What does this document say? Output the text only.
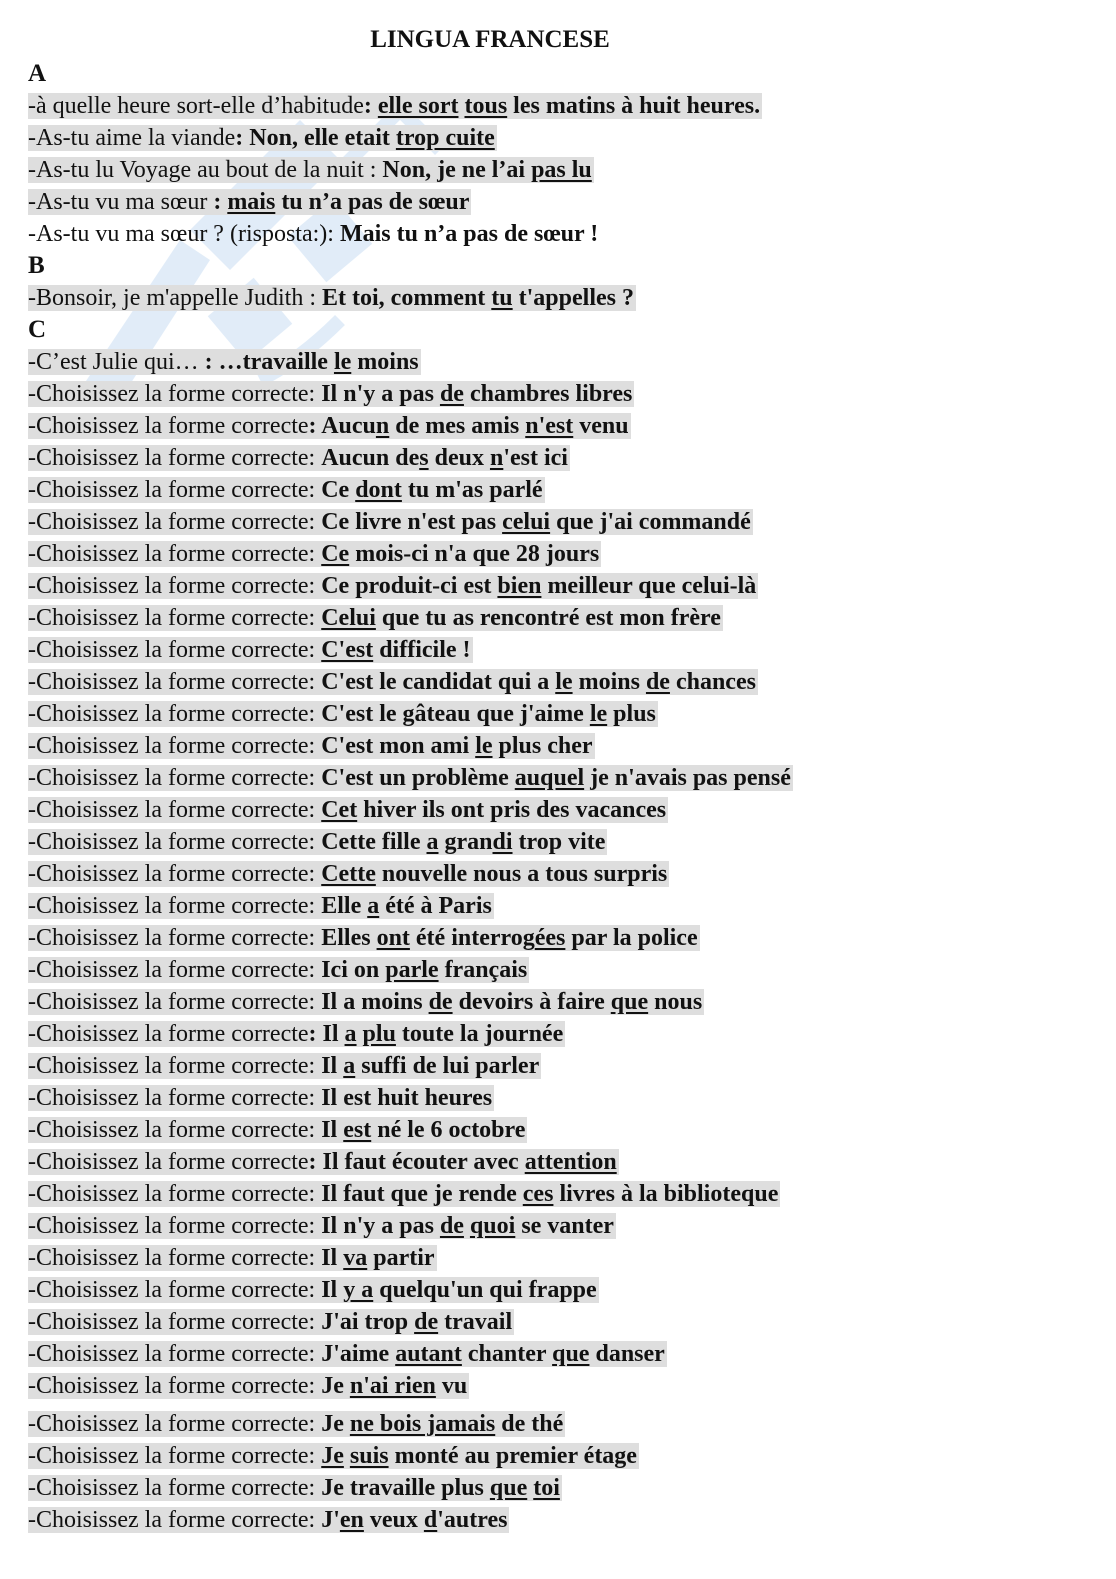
LINGUA FRANCESE
A
-à quelle heure sort-elle d’habitude: elle sort tous les matins à huit heures.
-As-tu aime la viande: Non, elle etait trop cuite
-As-tu lu Voyage au bout de la nuit : Non, je ne l’ai pas lu
-As-tu vu ma sœur : mais tu n’a pas de sœur
-As-tu vu ma sœur ? (risposta:): Mais tu n’a pas de sœur !
B
-Bonsoir, je m'appelle Judith : Et toi, comment tu t'appelles ?
C
-C’est Julie qui… : …travaille le moins
-Choisissez la forme correcte: Il n'y a pas de chambres libres
-Choisissez la forme correcte: Aucun de mes amis n'est venu
-Choisissez la forme correcte: Aucun des deux n'est ici
-Choisissez la forme correcte: Ce dont tu m'as parlé
-Choisissez la forme correcte: Ce livre n'est pas celui que j'ai commandé
-Choisissez la forme correcte: Ce mois-ci n'a que 28 jours
-Choisissez la forme correcte: Ce produit-ci est bien meilleur que celui-là
-Choisissez la forme correcte: Celui que tu as rencontré est mon frère
-Choisissez la forme correcte: C'est difficile !
-Choisissez la forme correcte: C'est le candidat qui a le moins de chances
-Choisissez la forme correcte: C'est le gâteau que j'aime le plus
-Choisissez la forme correcte: C'est mon ami le plus cher
-Choisissez la forme correcte: C'est un problème auquel je n'avais pas pensé
-Choisissez la forme correcte: Cet hiver ils ont pris des vacances
-Choisissez la forme correcte: Cette fille a grandi trop vite
-Choisissez la forme correcte: Cette nouvelle nous a tous surpris
-Choisissez la forme correcte: Elle a été à Paris
-Choisissez la forme correcte: Elles ont été interrogées par la police
-Choisissez la forme correcte: Ici on parle français
-Choisissez la forme correcte: Il a moins de devoirs à faire que nous
-Choisissez la forme correcte: Il a plu toute la journée
-Choisissez la forme correcte: Il a suffi de lui parler
-Choisissez la forme correcte: Il est huit heures
-Choisissez la forme correcte: Il est né le 6 octobre
-Choisissez la forme correcte: Il faut écouter avec attention
-Choisissez la forme correcte: Il faut que je rende ces livres à la biblioteque
-Choisissez la forme correcte: Il n'y a pas de quoi se vanter
-Choisissez la forme correcte: Il va partir
-Choisissez la forme correcte: Il y a quelqu'un qui frappe
-Choisissez la forme correcte: J'ai trop de travail
-Choisissez la forme correcte: J'aime autant chanter que danser
-Choisissez la forme correcte: Je n'ai rien vu
-Choisissez la forme correcte: Je ne bois jamais de thé
-Choisissez la forme correcte: Je suis monté au premier étage
-Choisissez la forme correcte: Je travaille plus que toi
-Choisissez la forme correcte: J'en veux d'autres
